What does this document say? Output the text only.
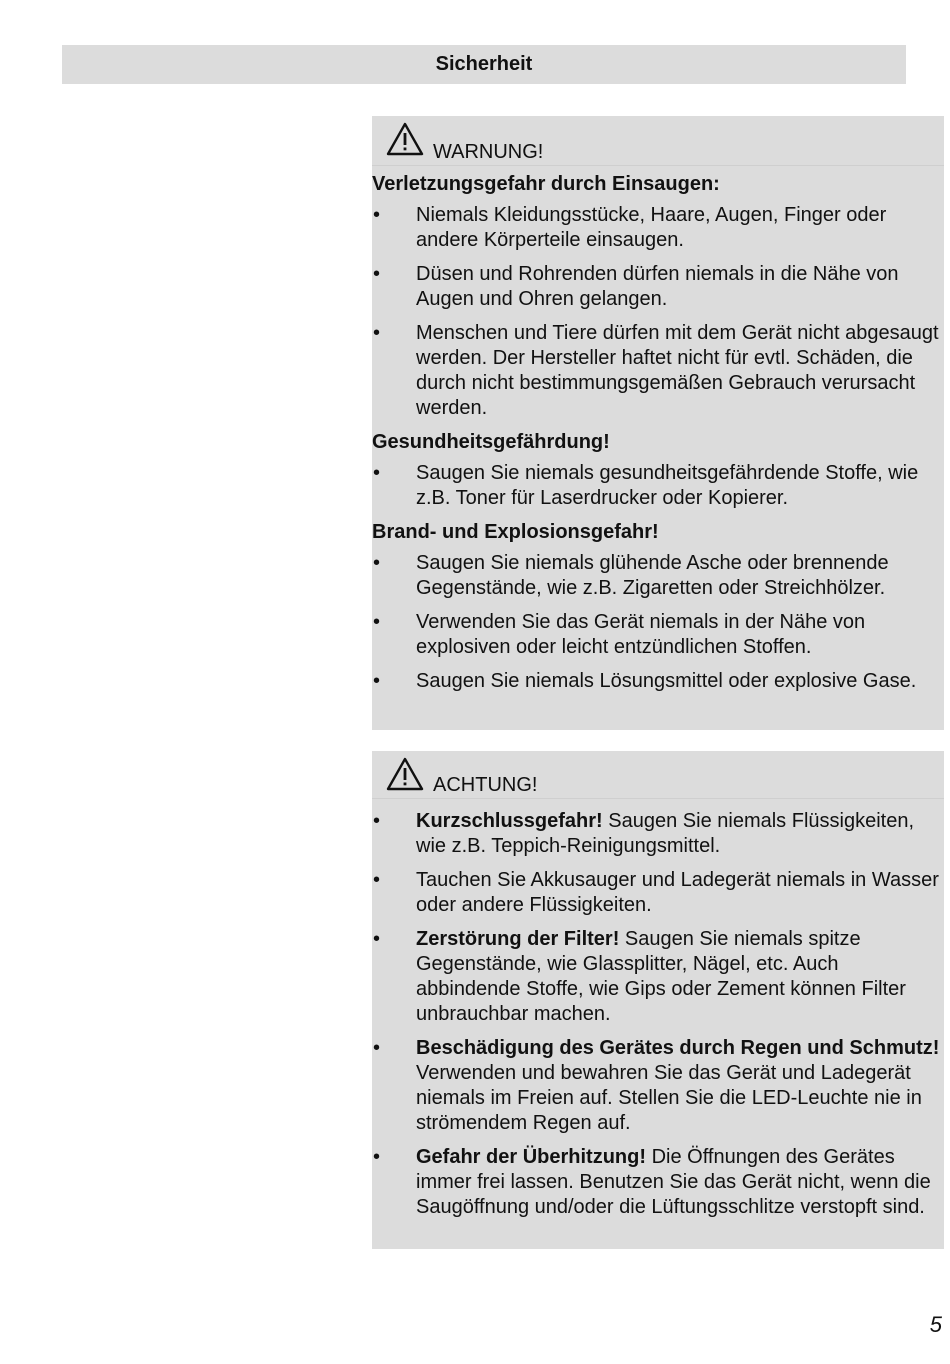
Sicherheit
WARNUNG!
Verletzungsgefahr durch Einsaugen:
• Niemals Kleidungsstücke, Haare, Augen, Finger oder andere Körperteile einsaugen.
• Düsen und Rohrenden dürfen niemals in die Nähe von Augen und Ohren gelangen.
• Menschen und Tiere dürfen mit dem Gerät nicht abgesaugt werden. Der Hersteller haftet nicht für evtl. Schäden, die durch nicht bestimmungsgemäßen Gebrauch verursacht werden.
Gesundheitsgefährdung!
• Saugen Sie niemals gesundheitsgefährdende Stoffe, wie z.B. Toner für Laserdrucker oder Kopierer.
Brand- und Explosionsgefahr!
• Saugen Sie niemals glühende Asche oder brennende Gegenstände, wie z.B. Zigaretten oder Streichhölzer.
• Verwenden Sie das Gerät niemals in der Nähe von explosiven oder leicht entzündlichen Stoffen.
• Saugen Sie niemals Lösungsmittel oder explosive Gase.
ACHTUNG!
• Kurzschlussgefahr! Saugen Sie niemals Flüssigkeiten, wie z.B. Teppich-Reinigungsmittel.
• Tauchen Sie Akkusauger und Ladegerät niemals in Wasser oder andere Flüssigkeiten.
• Zerstörung der Filter! Saugen Sie niemals spitze Gegenstände, wie Glassplitter, Nägel, etc. Auch abbindende Stoffe, wie Gips oder Zement können Filter unbrauchbar machen.
• Beschädigung des Gerätes durch Regen und Schmutz! Verwenden und bewahren Sie das Gerät und Ladegerät niemals im Freien auf. Stellen Sie die LED-Leuchte nie in strömendem Regen auf.
• Gefahr der Überhitzung! Die Öffnungen des Gerätes immer frei lassen. Benutzen Sie das Gerät nicht, wenn die Saugöffnung und/oder die Lüftungsschlitze verstopft sind.
5
